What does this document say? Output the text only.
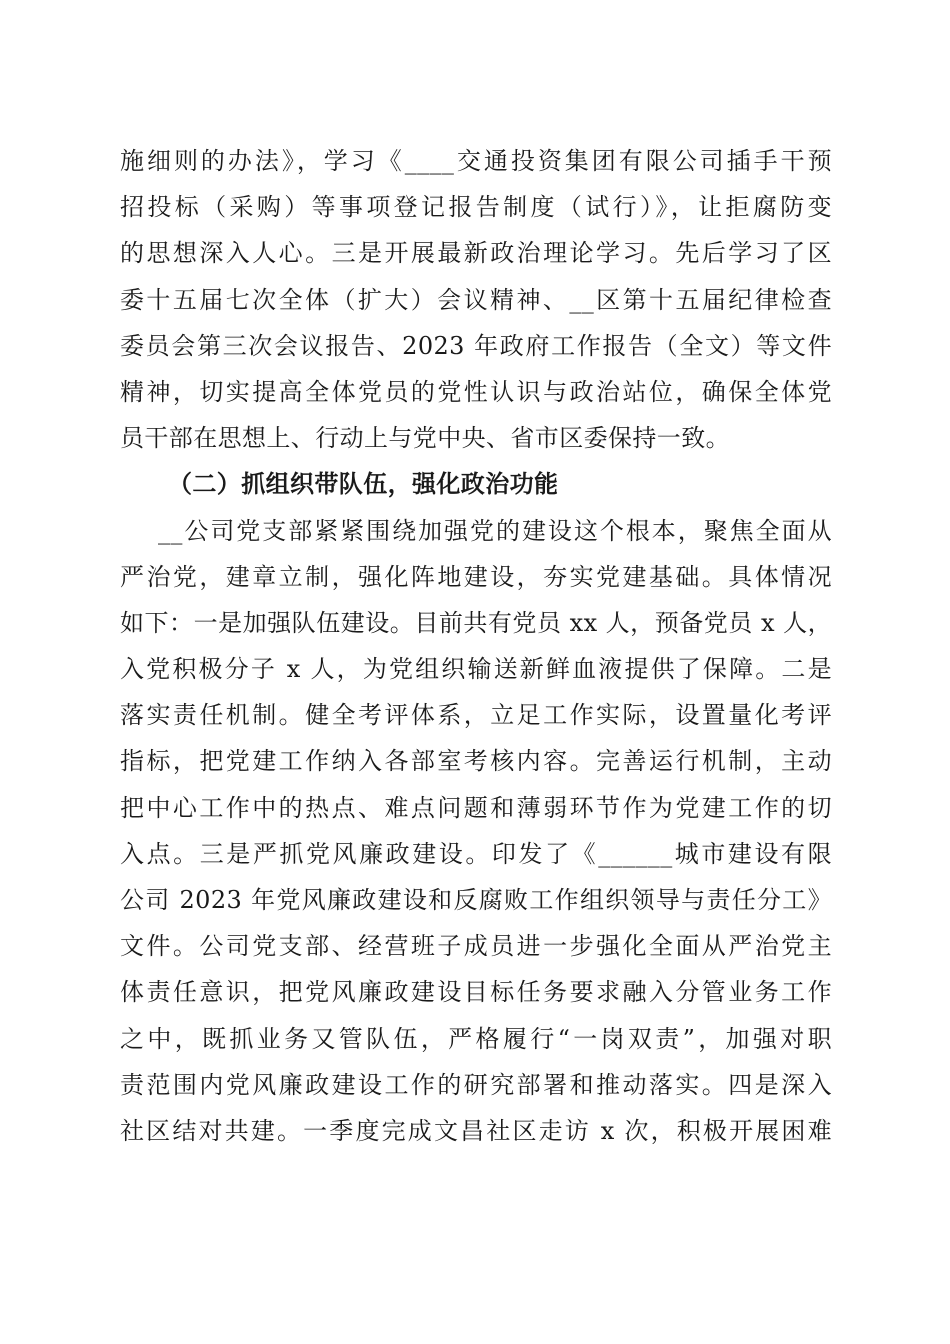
施细则的办法》，学习《____交通投资集团有限公司插手干预
招投标（采购）等事项登记报告制度（试行）》，让拒腐防变
的思想深入人心。三是开展最新政治理论学习。先后学习了区
委十五届七次全体（扩大）会议精神、__区第十五届纪律检查
委员会第三次会议报告、2023 年政府工作报告（全文）等文件
精神，切实提高全体党员的党性认识与政治站位，确保全体党
员干部在思想上、行动上与党中央、省市区委保持一致。
（二）抓组织带队伍，强化政治功能
__公司党支部紧紧围绕加强党的建设这个根本，聚焦全面从
严治党，建章立制，强化阵地建设，夯实党建基础。具体情况
如下：一是加强队伍建设。目前共有党员 xx 人，预备党员 x 人，
入党积极分子 x 人，为党组织输送新鲜血液提供了保障。二是
落实责任机制。健全考评体系，立足工作实际，设置量化考评
指标，把党建工作纳入各部室考核内容。完善运行机制，主动
把中心工作中的热点、难点问题和薄弱环节作为党建工作的切
入点。三是严抓党风廉政建设。印发了《______城市建设有限
公司 2023 年党风廉政建设和反腐败工作组织领导与责任分工》
文件。公司党支部、经营班子成员进一步强化全面从严治党主
体责任意识，把党风廉政建设目标任务要求融入分管业务工作
之中，既抓业务又管队伍，严格履行“一岗双责”，加强对职
责范围内党风廉政建设工作的研究部署和推动落实。四是深入
社区结对共建。一季度完成文昌社区走访 x 次，积极开展困难
